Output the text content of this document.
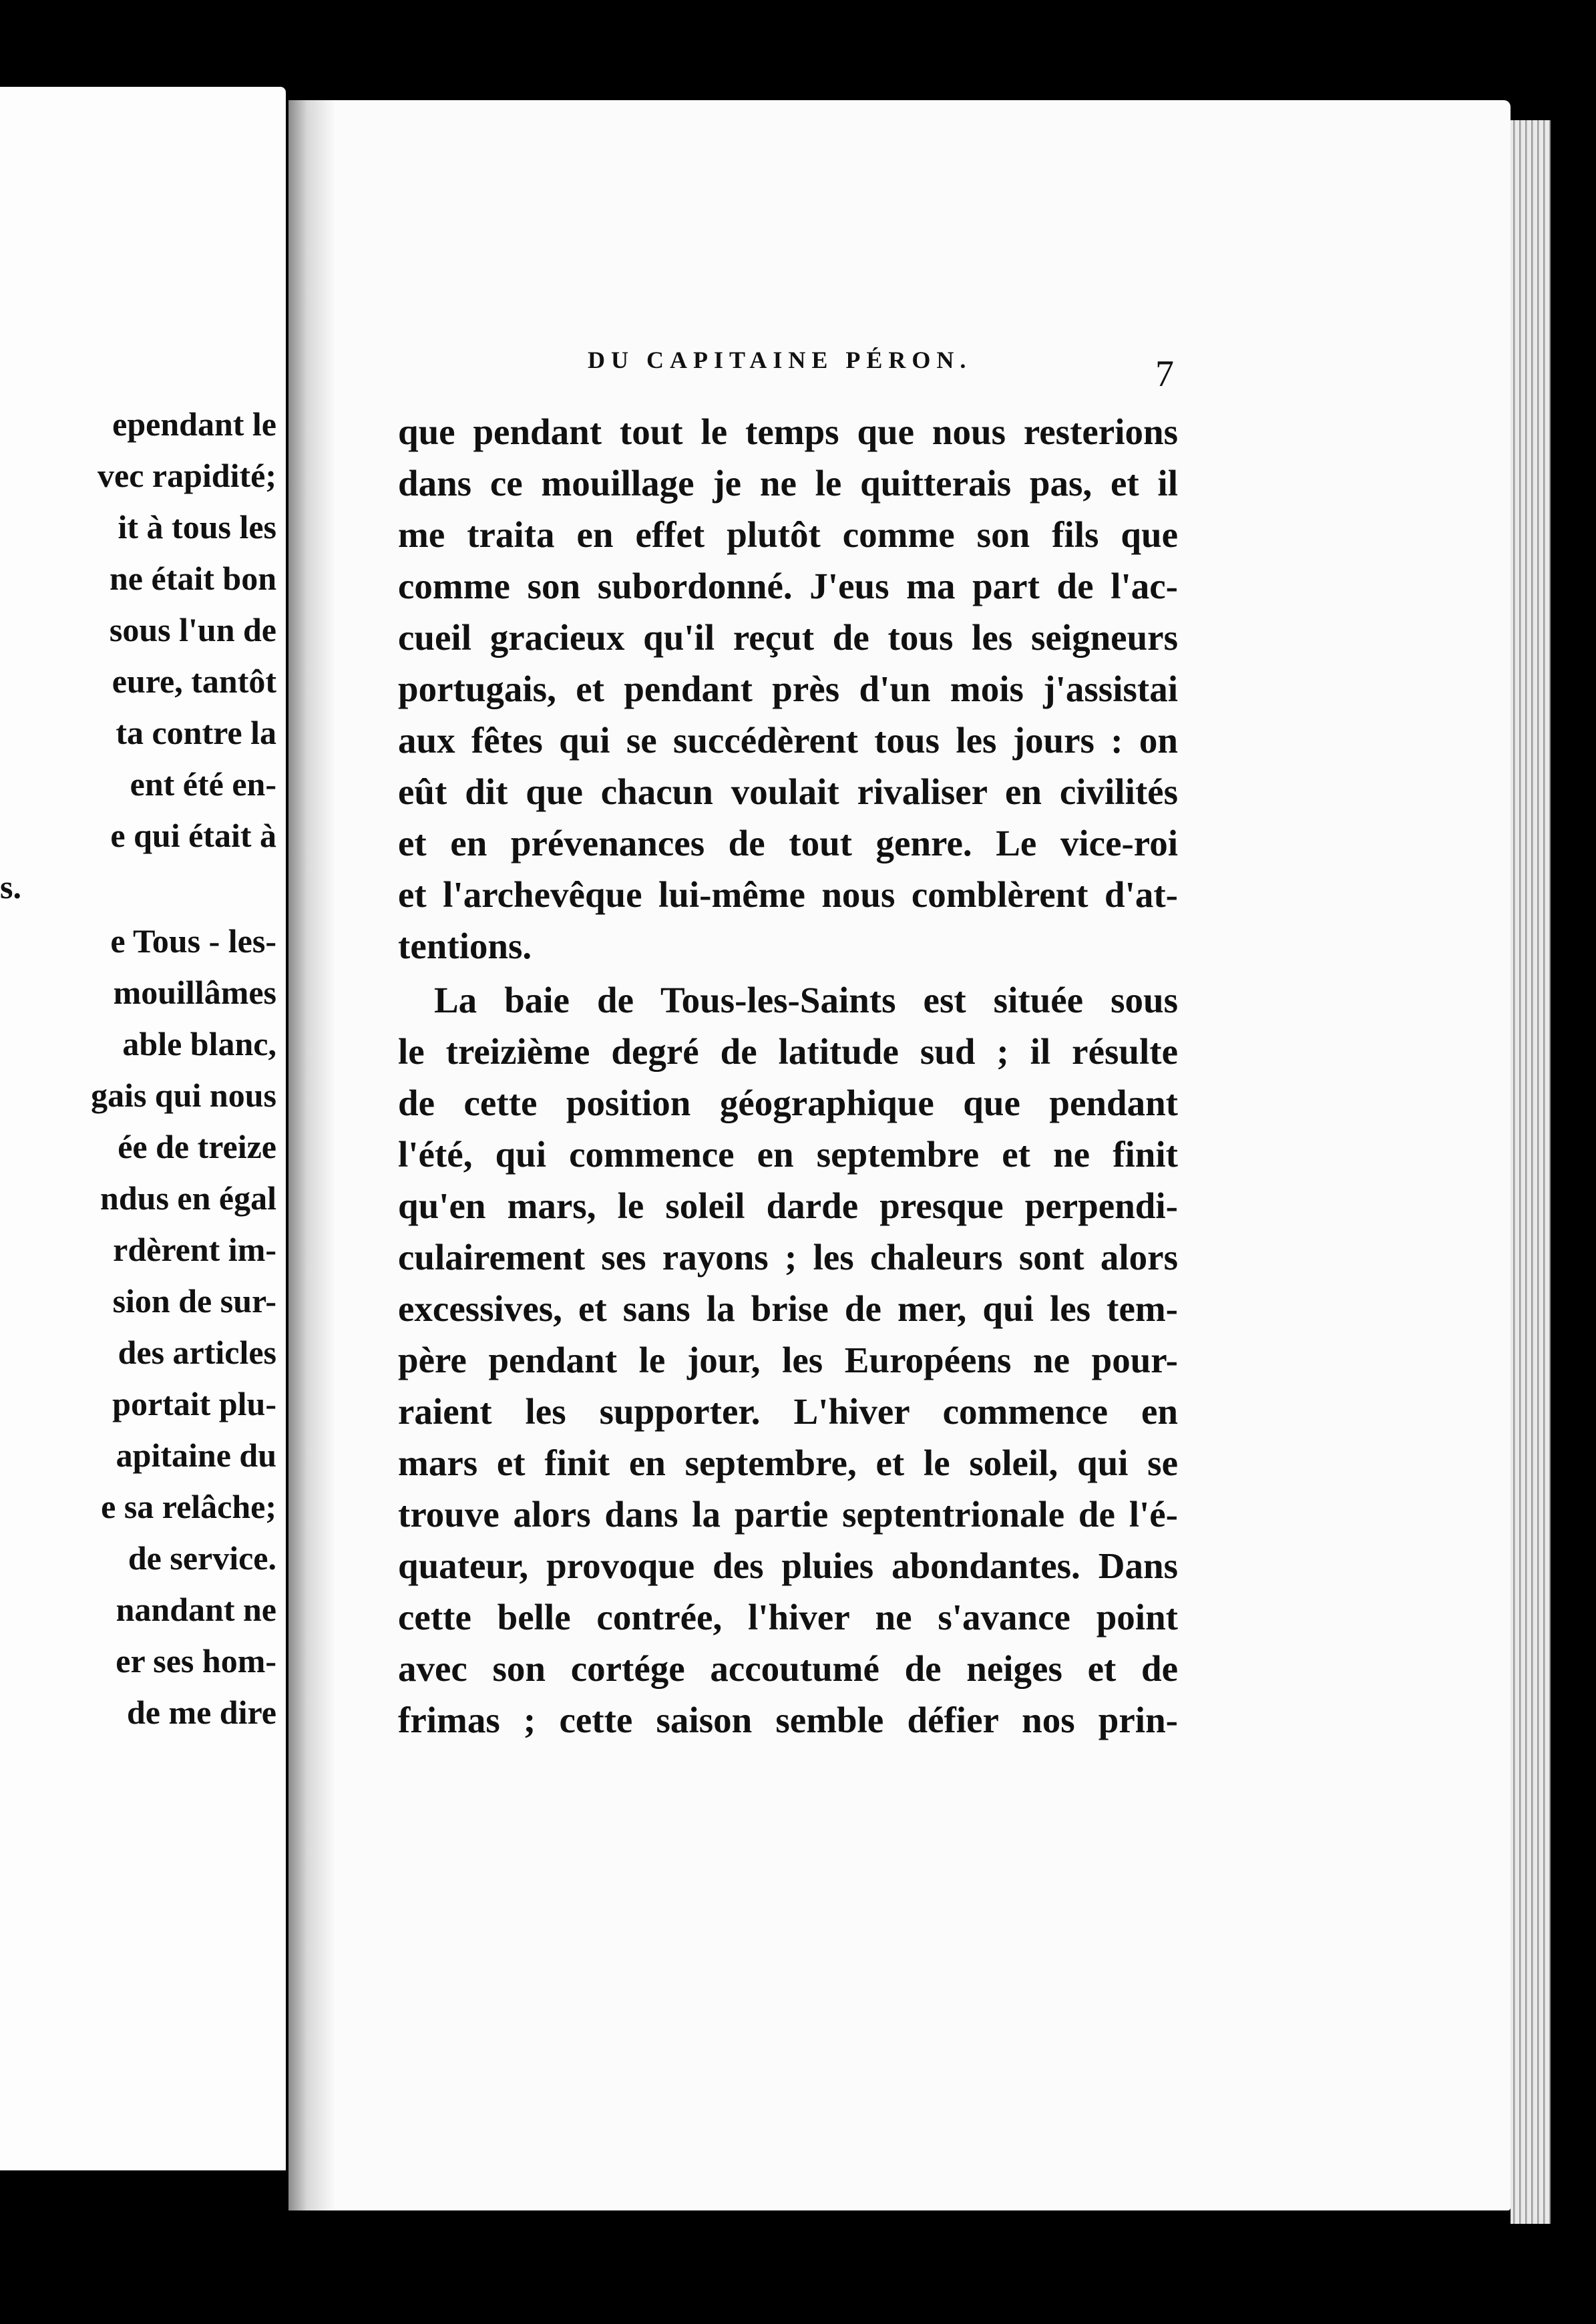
ependant le
vec rapidité;
it à tous les
ne était bon
sous l'un de
eure, tantôt
ta contre la
ent été en-
e qui était à
s.
e Tous - les-
mouillâmes
able blanc,
gais qui nous
ée de treize
ndus en égal
rdèrent im-
sion de sur-
des articles
portait plu-
apitaine du
e sa relâche;
de service.
nandant ne
er ses hom-
de me dire
DU CAPITAINE PÉRON.	7
que pendant tout le temps que nous resterions
dans ce mouillage je ne le quitterais pas, et il
me traita en effet plutôt comme son fils que
comme son subordonné. J'eus ma part de l'ac-
cueil gracieux qu'il reçut de tous les seigneurs
portugais, et pendant près d'un mois j'assistai
aux fêtes qui se succédèrent tous les jours : on
eût dit que chacun voulait rivaliser en civilités
et en prévenances de tout genre. Le vice-roi
et l'archevêque lui-même nous comblèrent d'at-
tentions.
La baie de Tous-les-Saints est située sous
le treizième degré de latitude sud ; il résulte
de cette position géographique que pendant
l'été, qui commence en septembre et ne finit
qu'en mars, le soleil darde presque perpendi-
culairement ses rayons ; les chaleurs sont alors
excessives, et sans la brise de mer, qui les tem-
père pendant le jour, les Européens ne pour-
raient les supporter. L'hiver commence en
mars et finit en septembre, et le soleil, qui se
trouve alors dans la partie septentrionale de l'é-
quateur, provoque des pluies abondantes. Dans
cette belle contrée, l'hiver ne s'avance point
avec son cortége accoutumé de neiges et de
frimas ; cette saison semble défier nos prin-
